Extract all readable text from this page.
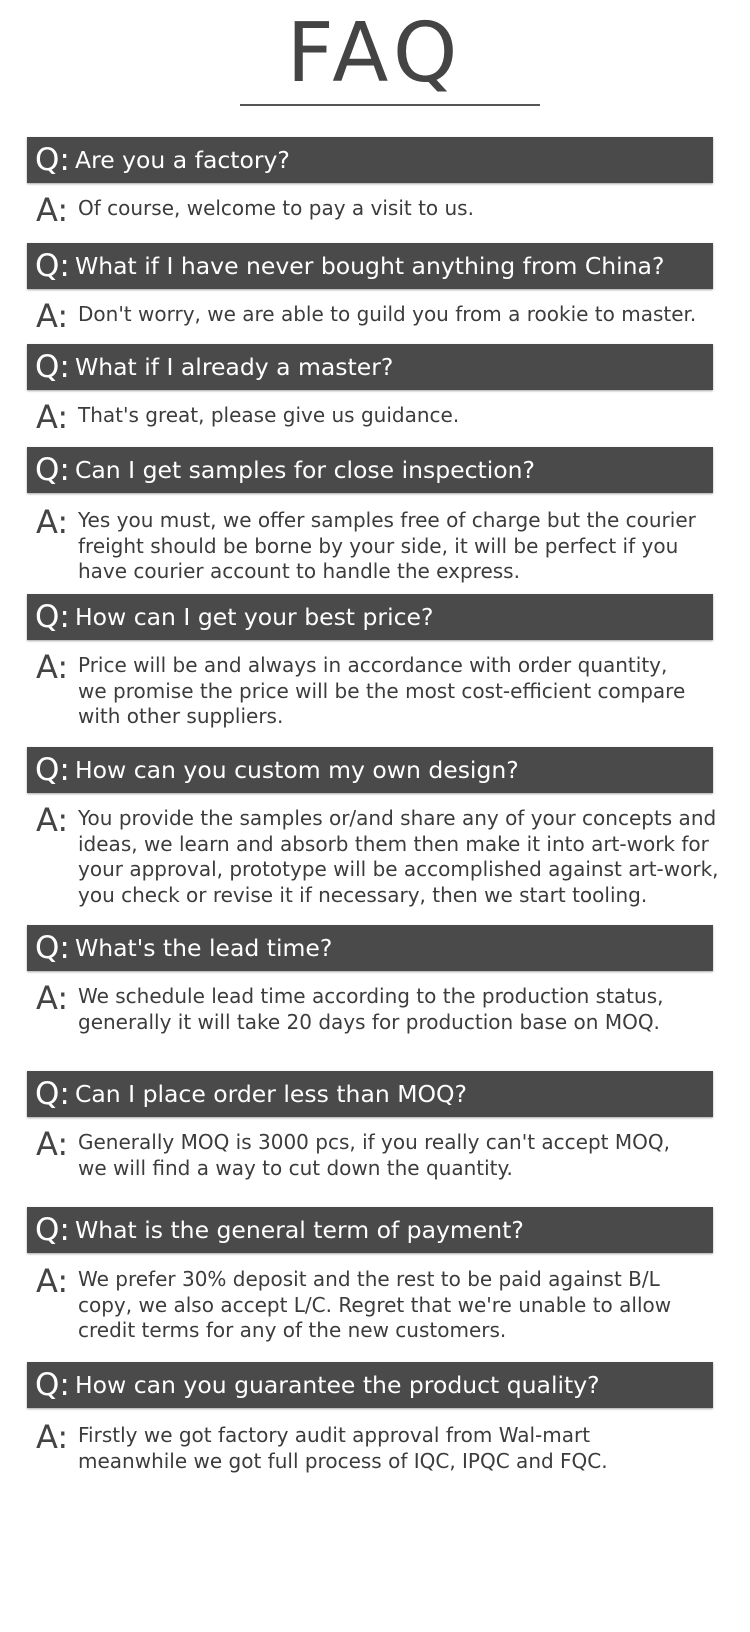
FAQ
Q: Are you a factory?
A: Of course, welcome to pay a visit to us.
Q: What if I have never bought anything from China?
A: Don't worry, we are able to guild you from a rookie to master.
Q: What if I already a master?
A: That's great, please give us guidance.
Q: Can I get samples for close inspection?
A: Yes you must, we offer samples free of charge but the courier
freight should be borne by your side, it will be perfect if you
have courier account to handle the express.
Q: How can I get your best price?
A: Price will be and always in accordance with order quantity,
we promise the price will be the most cost-efficient compare
with other suppliers.
Q: How can you custom my own design?
A: You provide the samples or/and share any of your concepts and
ideas, we learn and absorb them then make it into art-work for
your approval, prototype will be accomplished against art-work,
you check or revise it if necessary, then we start tooling.
Q: What's the lead time?
A: We schedule lead time according to the production status,
generally it will take 20 days for production base on MOQ.
Q: Can I place order less than MOQ?
A: Generally MOQ is 3000 pcs, if you really can't accept MOQ,
we will find a way to cut down the quantity.
Q: What is the general term of payment?
A: We prefer 30% deposit and the rest to be paid against B/L
copy, we also accept L/C. Regret that we're unable to allow
credit terms for any of the new customers.
Q: How can you guarantee the product quality?
A: Firstly we got factory audit approval from Wal-mart
meanwhile we got full process of IQC, IPQC and FQC.
